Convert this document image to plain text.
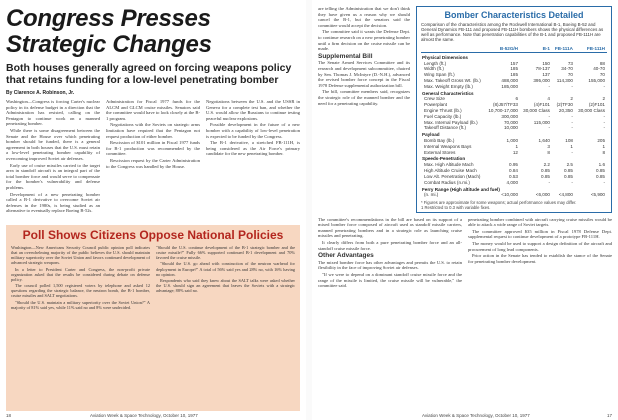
Congress Presses Strategic Changes
Both houses generally agreed on forcing weapons policy that retains funding for a low-level penetrating bomber
By Clarence A. Robinson, Jr.

Washington—Congress is forcing Carter's nuclear policy in its defense budget in a direction that the Administration has resisted, calling on the Pentagon to continue work on a manned penetrating bomber.

While there is some disagreement between the Senate and the House over which penetrating bomber should be funded, there is a general agreement in both houses that the U.S. must retain a low-level penetrating bomber capability of overcoming improved Soviet air defenses.

Early use of cruise missiles carried to the target area in standoff aircraft is an integral part of the total bomber force and would serve to compensate for the bomber's vulnerability and defense problems.

Development of a new penetrating bomber called a B-1 derivative to overcome Soviet air defenses in the 1980s, is being studied as an alternative to eventually replace Boeing B-52s.

Administration for Fiscal 1977 funds for the ALCM and GLCM cruise missiles. Senators said the committee would have to look closely at the B-1 program.

Negotiations with the Soviets on strategic arms limitation have required that the Pentagon not request production of either bomber.

Rescission of $101 million in Fiscal 1977 funds for B-1 production was recommended by the committee.

Rescission request by the Carter Administration to the Congress was handled by the House.

Negotiations between the U.S. and the USSR in Geneva for a complete test ban, and whether the U.S. would allow the Russians to continue testing peaceful nuclear explosions.

Possible development in the future of a new bomber with a capability of low-level penetration is expected to be funded by the Congress.

The B-1 derivative, a stretched FB-111H, is being considered as the Air Force's primary candidate for the new penetrating bomber.

Poll Shows Citizens Oppose National Policies

Washington—New Americans Security Council public opinion poll indicates that an overwhelming majority of the public believes the U.S. should maintain military superiority over the Soviet Union and favors continued development of advanced strategic weapons.

In a letter to President Carter and Congress, the non-profit private organization asked that the results be considered during debate on defense policy.

The council polled 1,500 registered voters by telephone and asked 12 questions regarding the strategic balance, the neutron bomb, the B-1 bomber, cruise missiles and SALT negotiations.

"Should the U.S. maintain a military superiority over the Soviet Union?" A majority of 81% said yes, while 11% said no and 8% were undecided.

"Should the U.S. continue development of the B-1 strategic bomber and the cruise missile?" Fully 66% supported continued B-1 development and 70% favored the cruise missile.

"Should the U.S. go ahead with construction of the neutron warhead for deployment in Europe?" A total of 56% said yes and 28% no, with 16% having no opinion.

Respondents who said they knew about the SALT talks were asked whether the U.S. should sign an agreement that leaves the Soviets with a strategic advantage; 88% said no.

18	Aviation Week & Space Technology, October 10, 1977

are telling the Administration that we don't think they have given us a reason why we should cancel the B-1, but the senators said the committee would accept the decision.

The committee said it wants the Defense Dept. to continue research on a new penetrating bomber until a firm decision on the cruise missile can be made.

Supplemental Bill

The Senate Armed Services Committee and its research and development subcommittee, chaired by Sen. Thomas J. McIntyre (D.-N.H.), advanced the revised bomber force concept in the Fiscal 1978 Defense supplemental authorization bill.

The bill, committee members said, recognizes the strategic role of the manned bomber and the need for a penetrating capability.

Bomber Characteristics Detailed
Comparison of the characteristics among the Rockwell International B-1, Boeing B-52 and General Dynamics FB-111 and proposed FB-111H bombers shows the physical differences as well as performance. Note that penetration capabilities of the B-1 and proposed FB-111H are almost the same.
	B-52G/H	B-1	FB-111A	FB-111H
Physical Dimensions				
Length (ft.)	157	150	73	88
Width (ft.)	185	78-137	34-70	40-70
Wing Span (ft.)	185	137	70	70
Max. Takeoff Gross Wt. (lb.)	488,000	395,000	114,300	155,000
Max. Weight Empty (lb.)	185,000	-	-	-
General Characteristics				
Crew Size	6	4	2	2
Powerplant	(8)J57/TF33	(4)F101	(2)TF30	(2)F101
Engine Thrust (lb.)	10,700-17,000	30,000 Class	20,350	30,000 Class
Fuel Capacity (lb.)	300,000	-	-	-
Max. Internal Payload (lb.)	70,000	115,000	-	-
Takeoff Distance (ft.)	10,000	-	-	-
Payload				
Bomb Bay (lb.)	1,000	1,640	108	205
Internal Weapons Bays	1	3	1	1
External Stores	12	8	-	8
Speeds-Penetration				
Max. High Altitude Mach	0.95	2.2	2.5	1.6
High Altitude Cruise Mach	0.84	0.85	0.85	0.85
Low Alt. Penetration (Mach)	0.53	0.85	0.85	0.85
Combat Radius (n.mi.)	4,000	-	-	-
Ferry Range (High altitude and fuel)				
(n. mi.)	<10,000	<6,000	<4,800	<5,900
* Figures are approximate for some weapons; actual performance values may differ.
1 Restricted to 0.3 with variable fixes.

The committee's recommendations in the bill are based on its support of a mixed bomber force composed of aircraft used as standoff missile carriers, manned penetrating bombers and in a strategic role as launching cruise missiles and penetrating.

It clearly differs from both a pure penetrating bomber force and an all-standoff cruise missile force.

Other Advantages

The mixed bomber force has other advantages and permits the U.S. to retain flexibility in the face of improving Soviet air defenses.

"If we were to depend on a dominant standoff cruise missile force and the range of the missile is limited, the cruise missile will be vulnerable," the committee said.

penetrating bomber combined with aircraft carrying cruise missiles would be able to attack a wide range of Soviet targets.

The committee approved $35 million in Fiscal 1978 Defense Dept. supplemental request to continue development of a prototype FB-111H.

The money would be used to support a design definition of the aircraft and procurement of long lead components.

Prior action in the Senate has tended to establish the stance of the Senate for penetrating bomber development.

Aviation Week & Space Technology, October 10, 1977	17
